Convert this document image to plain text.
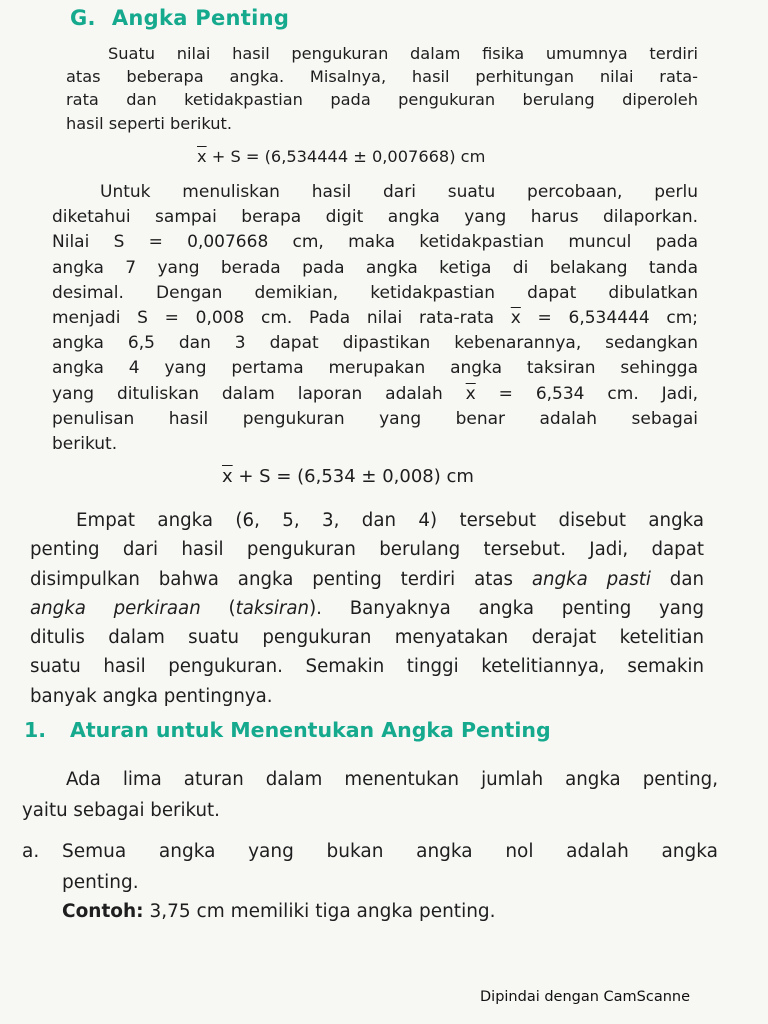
G. Angka Penting

Suatu nilai hasil pengukuran dalam fisika umumnya terdiri
atas beberapa angka. Misalnya, hasil perhitungan nilai rata-
rata dan ketidakpastian pada pengukuran berulang diperoleh
hasil seperti berikut.

$\overline{x} + S = (6,534444 \pm 0,007668)$ cm

Untuk menuliskan hasil dari suatu percobaan, perlu
diketahui sampai berapa digit angka yang harus dilaporkan.
Nilai S = 0,007668 cm, maka ketidakpastian muncul pada
angka 7 yang berada pada angka ketiga di belakang tanda
desimal. Dengan demikian, ketidakpastian dapat dibulatkan
menjadi S = 0,008 cm. Pada nilai rata-rata $\overline{x} = 6,534444$ cm;
angka 6,5 dan 3 dapat dipastikan kebenarannya, sedangkan
angka 4 yang pertama merupakan angka taksiran sehingga
yang dituliskan dalam laporan adalah $\overline{x} = 6,534$ cm. Jadi,
penulisan hasil pengukuran yang benar adalah sebagai
berikut.

$\overline{x} + S = (6,534 \pm 0,008)$ cm

Empat angka (6, 5, 3, dan 4) tersebut disebut angka
penting dari hasil pengukuran berulang tersebut. Jadi, dapat
disimpulkan bahwa angka penting terdiri atas angka pasti dan
angka perkiraan (taksiran). Banyaknya angka penting yang
ditulis dalam suatu pengukuran menyatakan derajat ketelitian
suatu hasil pengukuran. Semakin tinggi ketelitiannya, semakin
banyak angka pentingnya.

1. Aturan untuk Menentukan Angka Penting

Ada lima aturan dalam menentukan jumlah angka penting,
yaitu sebagai berikut.

a. Semua angka yang bukan angka nol adalah angka
penting.
Contoh: 3,75 cm memiliki tiga angka penting.
Dipindai dengan CamScanne
